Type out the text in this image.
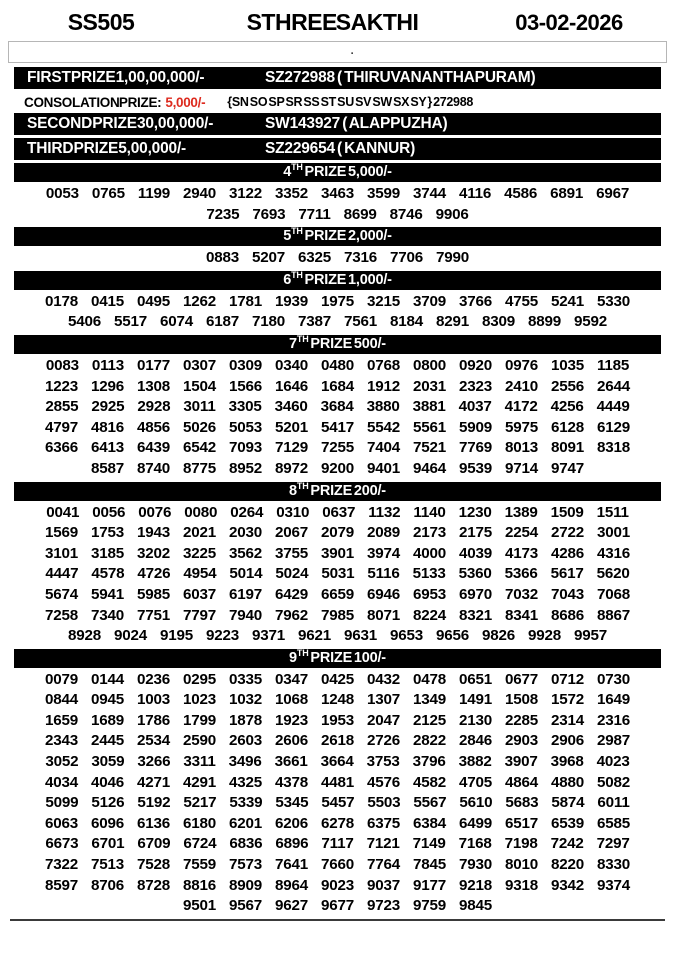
SS505	STHREE SAKTHI	03-02-2026
.
FIRST PRIZE 1,00,00,000/-	SZ272988 ( THIRUVANANTHAPURAM)
CONSOLATION PRIZE: 5,000/- {SN SO SP SR SS ST SU SV SW SX SY } 272988
SECOND PRIZE 30,00,000/-	SW143927 ( ALAPPUZHA)
THIRD PRIZE 5,00,000/-	SZ229654 ( KANNUR)
4TH PRIZE 5,000/-
0053 0765 1199 2940 3122 3352 3463 3599 3744 4116 4586 6891 6967
7235 7693 7711 8699 8746 9906
5TH PRIZE 2,000/-
0883 5207 6325 7316 7706 7990
6TH PRIZE 1,000/-
0178 0415 0495 1262 1781 1939 1975 3215 3709 3766 4755 5241 5330
5406 5517 6074 6187 7180 7387 7561 8184 8291 8309 8899 9592
7TH PRIZE 500/-
0083 0113 0177 0307 0309 0340 0480 0768 0800 0920 0976 1035 1185
1223 1296 1308 1504 1566 1646 1684 1912 2031 2323 2410 2556 2644
2855 2925 2928 3011 3305 3460 3684 3880 3881 4037 4172 4256 4449
4797 4816 4856 5026 5053 5201 5417 5542 5561 5909 5975 6128 6129
6366 6413 6439 6542 7093 7129 7255 7404 7521 7769 8013 8091 8318
8587 8740 8775 8952 8972 9200 9401 9464 9539 9714 9747
8TH PRIZE 200/-
0041 0056 0076 0080 0264 0310 0637 1132 1140 1230 1389 1509 1511
1569 1753 1943 2021 2030 2067 2079 2089 2173 2175 2254 2722 3001
3101 3185 3202 3225 3562 3755 3901 3974 4000 4039 4173 4286 4316
4447 4578 4726 4954 5014 5024 5031 5116 5133 5360 5366 5617 5620
5674 5941 5985 6037 6197 6429 6659 6946 6953 6970 7032 7043 7068
7258 7340 7751 7797 7940 7962 7985 8071 8224 8321 8341 8686 8867
8928 9024 9195 9223 9371 9621 9631 9653 9656 9826 9928 9957
9TH PRIZE 100/-
0079 0144 0236 0295 0335 0347 0425 0432 0478 0651 0677 0712 0730
0844 0945 1003 1023 1032 1068 1248 1307 1349 1491 1508 1572 1649
1659 1689 1786 1799 1878 1923 1953 2047 2125 2130 2285 2314 2316
2343 2445 2534 2590 2603 2606 2618 2726 2822 2846 2903 2906 2987
3052 3059 3266 3311 3496 3661 3664 3753 3796 3882 3907 3968 4023
4034 4046 4271 4291 4325 4378 4481 4576 4582 4705 4864 4880 5082
5099 5126 5192 5217 5339 5345 5457 5503 5567 5610 5683 5874 6011
6063 6096 6136 6180 6201 6206 6278 6375 6384 6499 6517 6539 6585
6673 6701 6709 6724 6836 6896 7117 7121 7149 7168 7198 7242 7297
7322 7513 7528 7559 7573 7641 7660 7764 7845 7930 8010 8220 8330
8597 8706 8728 8816 8909 8964 9023 9037 9177 9218 9318 9342 9374
9501 9567 9627 9677 9723 9759 9845
